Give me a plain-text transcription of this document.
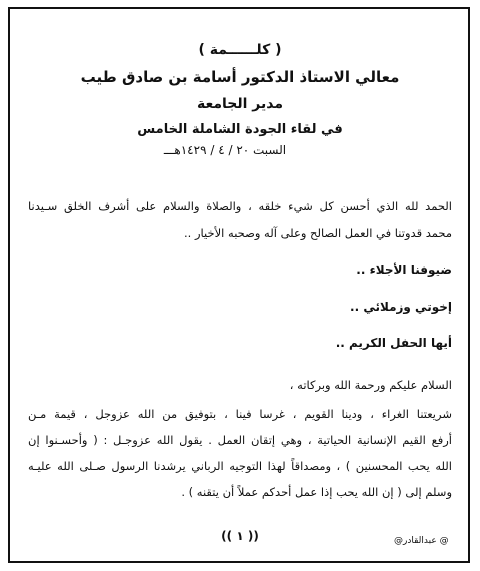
( كلــــــمة )
معالي الاستاذ الدكتور أسامة بن صادق طيب
مدير الجامعة
في لقاء الجودة الشاملة الخامس
السبت ٢٠ / ٤ / ١٤٢٩هـــ
الحمد لله الذي أحسن كل شيء خلقه ، والصلاة والسلام على أشرف الخلق سـيدنا
محمد قدوتنا في العمل الصالح وعلى آله وصحبه الأخيار ..
ضيوفنا الأجلاء ..
إخوتي وزملائي ..
أيها الحفل الكريم ..
السلام عليكم ورحمة الله وبركاته ،
شريعتنا الغراء ، ودينا القويم ، غرسا فينا ، بتوفيق من الله عزوجل ، قيمة مـن
أرفع القيم الإنسانية الحياتية ، وهي إتقان العمل . يقول الله عزوجـل : ( وأحسـنوا إن
الله يحب المحسنين ) ، ومصداقاً لهذا التوجيه الرباني يرشدنا الرسول صـلى الله عليـه
وسلم إلى ( إن الله يحب إذا عمل أحدكم عملاً أن يتقنه ) .
(( ١ ))	@ عبدالقادر@
